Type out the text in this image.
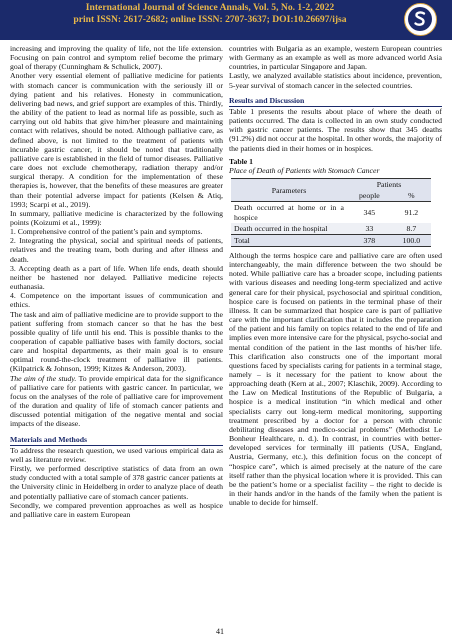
International Journal of Science Annals, Vol. 5, No. 1-2, 2022
print ISSN: 2617-2682; online ISSN: 2707-3637; DOI:10.26697/ijsa

increasing and improving the quality of life, not the life extension. Focusing on pain control and symptom relief become the primary goal of therapy (Cunningham & Schulick, 2007).

Another very essential element of palliative medicine for patients with stomach cancer is communication with the seriously ill or dying patient and his relatives. Honesty in communication, delivering bad news, and grief support are examples of this. Thirdly, the ability of the patient to lead as normal life as possible, such as carrying out old habits that give him/her pleasure and maintaining contact with relatives, should be noted. Although palliative care, as defined above, is not limited to the treatment of patients with incurable gastric cancer, it should be noted that traditionally palliative care is established in the field of tumor diseases. Palliative care does not exclude chemotherapy, radiation therapy and/or surgical therapy. A condition for the implementation of these therapies is, however, that the benefits of these measures are greater than their potential adverse impact for patients (Kelsen & Atiq, 1993; Scarpi et al., 2019).

In summary, palliative medicine is characterized by the following points (Koizumi et al., 1999):

1. Comprehensive control of the patient’s pain and symptoms.

2. Integrating the physical, social and spiritual needs of patients, relatives and the treating team, both during and after illness and death.

3. Accepting death as a part of life. When life ends, death should neither be hastened nor delayed. Palliative medicine rejects euthanasia.

4. Competence on the important issues of communication and ethics.

The task and aim of palliative medicine are to provide support to the patient suffering from stomach cancer so that he has the best possible quality of life until his end. This is possible thanks to the cooperation of capable palliative bases with family doctors, social care and hospital departments, as their main goal is to ensure optimal round-the-clock treatment of palliative ill patients. (Kilpatrick & Johnson, 1999; Kitzes & Anderson, 2003).

The aim of the study. To provide empirical data for the significance of palliative care for patients with gastric cancer. In particular, we focus on the analyses of the role of palliative care for improvement of the duration and quality of life of stomach cancer patients and discussed potential mitigation of the negative mental and social impacts of the disease.

Materials and Methods

To address the research question, we used various empirical data as well as literature review.

Firstly, we performed descriptive statistics of data from an own study conducted with a total sample of 378 gastric cancer patients at the University clinic in Heidelberg in order to analyze place of death and potentially palliative care of stomach cancer patients.

Secondly, we compared prevention approaches as well as hospice and palliative care in eastern European

countries with Bulgaria as an example, western European countries with Germany as an example as well as more advanced world Asia countries, in particular Singapore and Japan.

Lastly, we analyzed available statistics about incidence, prevention, 5-year survival of stomach cancer in the selected countries.

Results and Discussion

Table 1 presents the results about place of where the death of patients occurred. The data is collected in an own study conducted with gastric cancer patients. The results show that 345 deaths (91.2%) did not occur at the hospital. In other words, the majority of the patients died in their homes or in hospices.

Table 1
Place of Death of Patients with Stomach Cancer
Parameters	Patients	
	people	%
Death occurred at home or in a hospice	345	91.2
Death occurred in the hospital	33	8.7
Total	378	100.0

Although the terms hospice care and palliative care are often used interchangeably, the main difference between the two should be noted. While palliative care has a broader scope, including patients with various diseases and needing long-term specialized and active general care for their physical, psychosocial and spiritual condition, hospice care is focused on patients in the terminal phase of their illness. It can be summarized that hospice care is part of palliative care with the important clarification that it includes the preparation of the patient and his family on topics related to the end of life and implies even more intensive care for the physical, psycho-social and mental condition of the patient in the last months of his/her life. This clarification also constructs one of the important moral questions faced by specialists caring for patients in a terminal stage, namely – is it necessary for the patient to know about the approaching death (Kern at al., 2007; Klaschik, 2009). According to the Law on Medical Institutions of the Republic of Bulgaria, a hospice is a medical institution “in which medical and other specialists carry out long-term medical monitoring, supporting treatment prescribed by a doctor for a person with chronic debilitating diseases and medico-social problems” (Methodist Le Bonheur Healthcare, n. d.). In contrast, in countries with better-developed services for terminally ill patients (USA, England, Austria, Germany, etc.), this definition focus on the concept of “hospice care”, which is aimed precisely at the nature of the care itself rather than the physical location where it is provided. This can be the patient’s home or a specialist facility – the right to decide is in their hands and/or in the hands of the family when the patient is unable to decide for himself.

41
